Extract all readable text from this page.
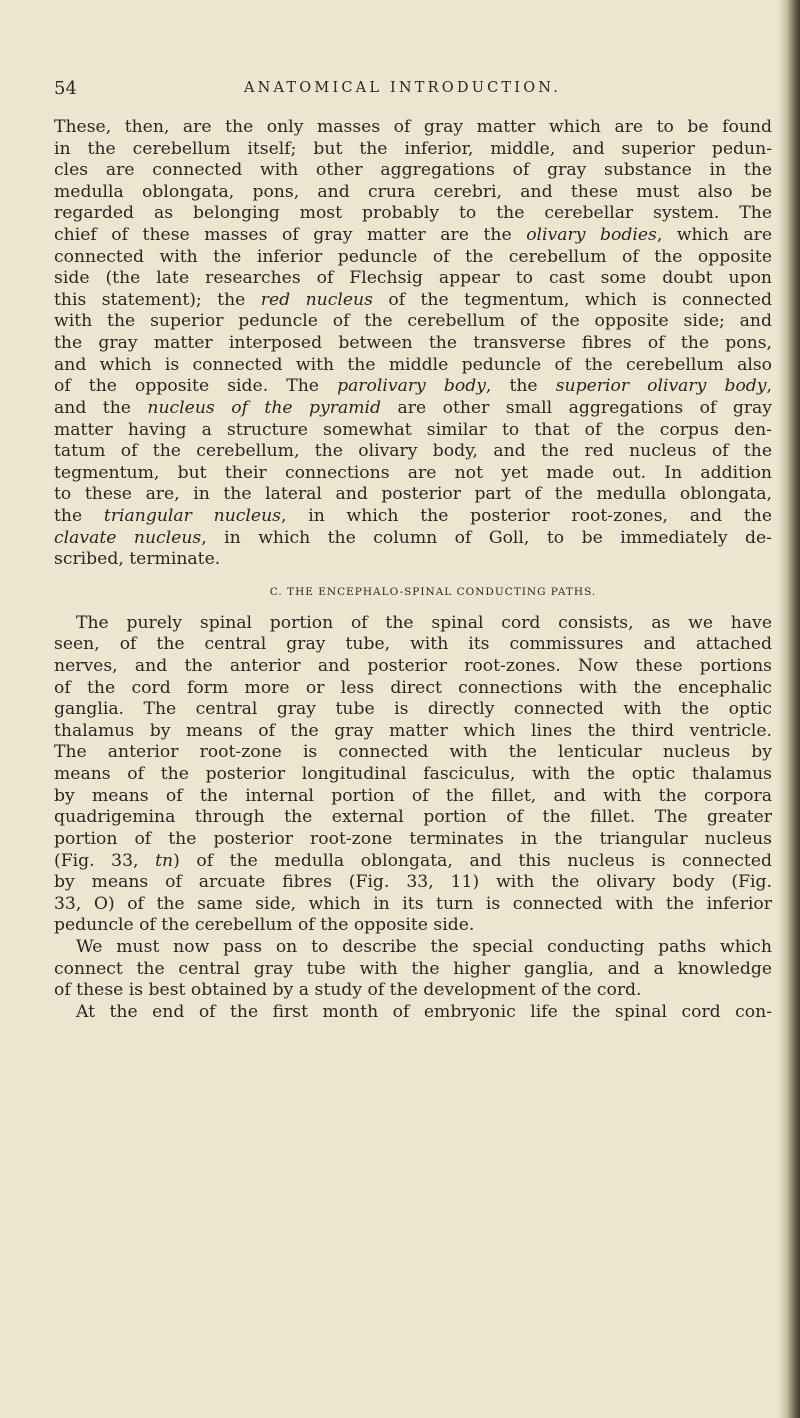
54	ANATOMICAL INTRODUCTION.
These, then, are the only masses of gray matter which are to be found
in the cerebellum itself; but the inferior, middle, and superior pedun-
cles are connected with other aggregations of gray substance in the
medulla oblongata, pons, and crura cerebri, and these must also be
regarded as belonging most probably to the cerebellar system. The
chief of these masses of gray matter are the olivary bodies, which are
connected with the inferior peduncle of the cerebellum of the opposite
side (the late researches of Flechsig appear to cast some doubt upon
this statement); the red nucleus of the tegmentum, which is connected
with the superior peduncle of the cerebellum of the opposite side; and
the gray matter interposed between the transverse fibres of the pons,
and which is connected with the middle peduncle of the cerebellum also
of the opposite side. The parolivary body, the superior olivary body,
and the nucleus of the pyramid are other small aggregations of gray
matter having a structure somewhat similar to that of the corpus den-
tatum of the cerebellum, the olivary body, and the red nucleus of the
tegmentum, but their connections are not yet made out. In addition
to these are, in the lateral and posterior part of the medulla oblongata,
the triangular nucleus, in which the posterior root-zones, and the
clavate nucleus, in which the column of Goll, to be immediately de-
scribed, terminate.
C. THE ENCEPHALO-SPINAL CONDUCTING PATHS.
The purely spinal portion of the spinal cord consists, as we have
seen, of the central gray tube, with its commissures and attached
nerves, and the anterior and posterior root-zones. Now these portions
of the cord form more or less direct connections with the encephalic
ganglia. The central gray tube is directly connected with the optic
thalamus by means of the gray matter which lines the third ventricle.
The anterior root-zone is connected with the lenticular nucleus by
means of the posterior longitudinal fasciculus, with the optic thalamus
by means of the internal portion of the fillet, and with the corpora
quadrigemina through the external portion of the fillet. The greater
portion of the posterior root-zone terminates in the triangular nucleus
(Fig. 33, tn) of the medulla oblongata, and this nucleus is connected
by means of arcuate fibres (Fig. 33, 11) with the olivary body (Fig.
33, O) of the same side, which in its turn is connected with the inferior
peduncle of the cerebellum of the opposite side.
We must now pass on to describe the special conducting paths which
connect the central gray tube with the higher ganglia, and a knowledge
of these is best obtained by a study of the development of the cord.
At the end of the first month of embryonic life the spinal cord con-
